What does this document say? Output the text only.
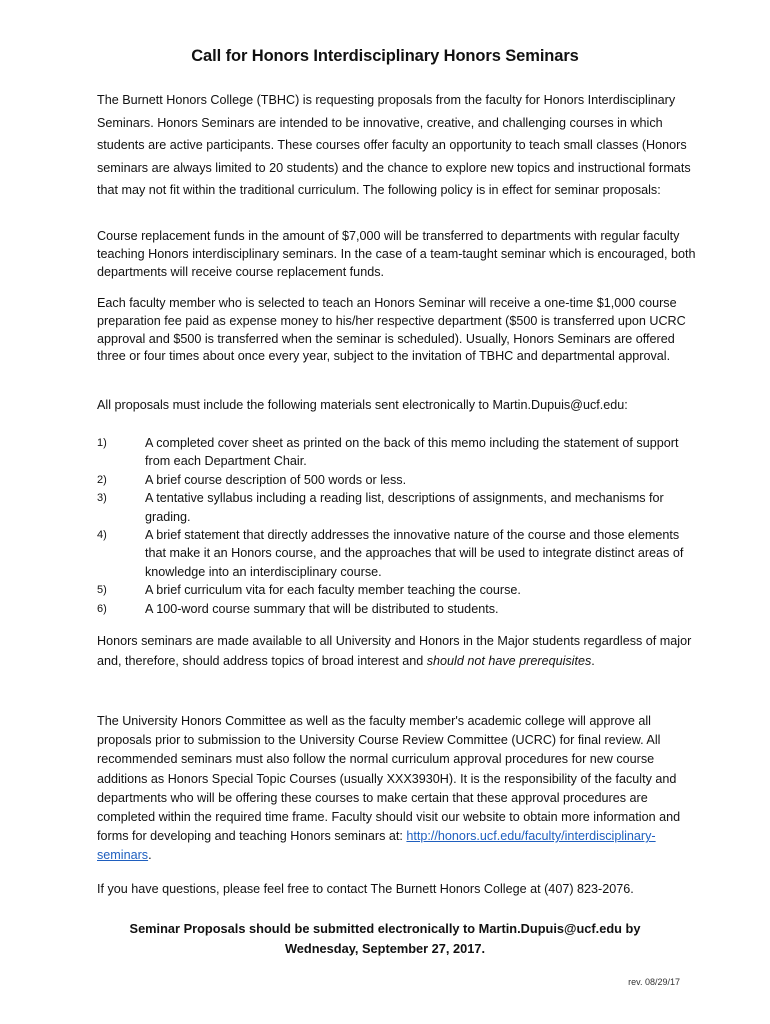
Call for Honors Interdisciplinary Honors Seminars
The Burnett Honors College (TBHC) is requesting proposals from the faculty for Honors Interdisciplinary Seminars. Honors Seminars are intended to be innovative, creative, and challenging courses in which students are active participants. These courses offer faculty an opportunity to teach small classes (Honors seminars are always limited to 20 students) and the chance to explore new topics and instructional formats that may not fit within the traditional curriculum. The following policy is in effect for seminar proposals:
Course replacement funds in the amount of $7,000 will be transferred to departments with regular faculty teaching Honors interdisciplinary seminars. In the case of a team-taught seminar which is encouraged, both departments will receive course replacement funds.
Each faculty member who is selected to teach an Honors Seminar will receive a one-time $1,000 course preparation fee paid as expense money to his/her respective department ($500 is transferred upon UCRC approval and $500 is transferred when the seminar is scheduled). Usually, Honors Seminars are offered three or four times about once every year, subject to the invitation of TBHC and departmental approval.
All proposals must include the following materials sent electronically to Martin.Dupuis@ucf.edu:
1)	A completed cover sheet as printed on the back of this memo including the statement of support from each Department Chair.
2)	A brief course description of 500 words or less.
3)	A tentative syllabus including a reading list, descriptions of assignments, and mechanisms for grading.
4)	A brief statement that directly addresses the innovative nature of the course and those elements that make it an Honors course, and the approaches that will be used to integrate distinct areas of knowledge into an interdisciplinary course.
5)	A brief curriculum vita for each faculty member teaching the course.
6)	A 100-word course summary that will be distributed to students.
Honors seminars are made available to all University and Honors in the Major students regardless of major and, therefore, should address topics of broad interest and should not have prerequisites.
The University Honors Committee as well as the faculty member's academic college will approve all proposals prior to submission to the University Course Review Committee (UCRC) for final review. All recommended seminars must also follow the normal curriculum approval procedures for new course additions as Honors Special Topic Courses (usually XXX3930H). It is the responsibility of the faculty and departments who will be offering these courses to make certain that these approval procedures are completed within the required time frame. Faculty should visit our website to obtain more information and forms for developing and teaching Honors seminars at: http://honors.ucf.edu/faculty/interdisciplinary-seminars.
If you have questions, please feel free to contact The Burnett Honors College at (407) 823-2076.
Seminar Proposals should be submitted electronically to Martin.Dupuis@ucf.edu by
Wednesday, September 27, 2017.
rev. 08/29/17
